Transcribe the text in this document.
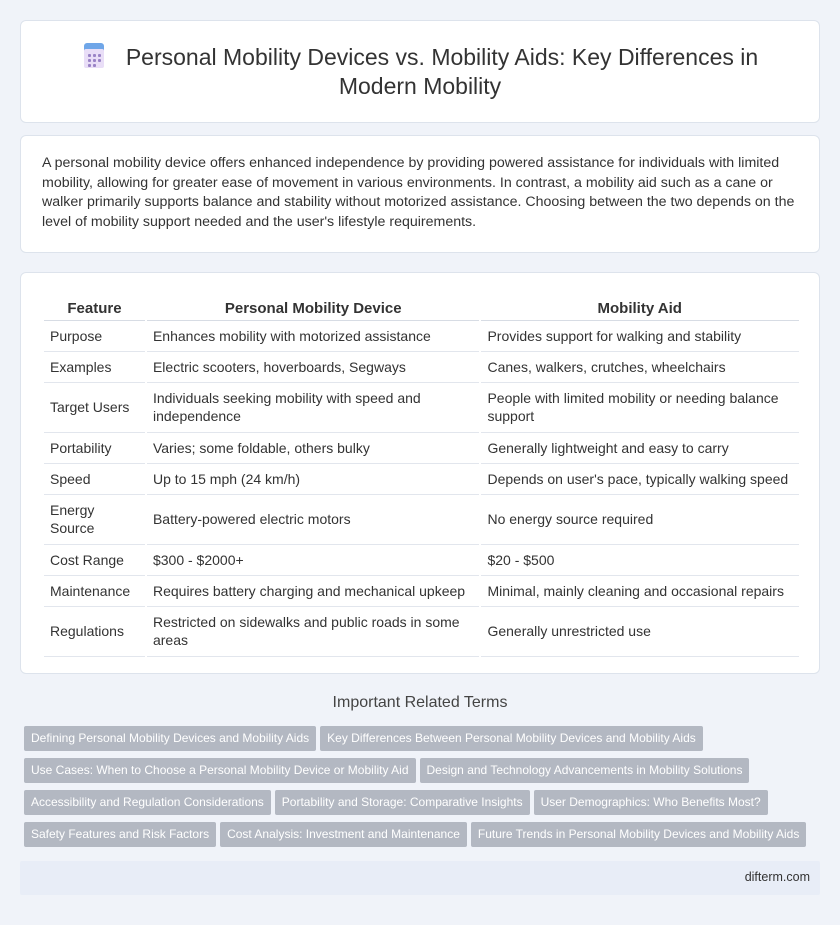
Personal Mobility Devices vs. Mobility Aids: Key Differences in Modern Mobility

A personal mobility device offers enhanced independence by providing powered assistance for individuals with limited mobility, allowing for greater ease of movement in various environments. In contrast, a mobility aid such as a cane or walker primarily supports balance and stability without motorized assistance. Choosing between the two depends on the level of mobility support needed and the user's lifestyle requirements.

Feature	Personal Mobility Device	Mobility Aid
Purpose	Enhances mobility with motorized assistance	Provides support for walking and stability
Examples	Electric scooters, hoverboards, Segways	Canes, walkers, crutches, wheelchairs
Target Users	Individuals seeking mobility with speed and independence	People with limited mobility or needing balance support
Portability	Varies; some foldable, others bulky	Generally lightweight and easy to carry
Speed	Up to 15 mph (24 km/h)	Depends on user's pace, typically walking speed
Energy Source	Battery-powered electric motors	No energy source required
Cost Range	$300 - $2000+	$20 - $500
Maintenance	Requires battery charging and mechanical upkeep	Minimal, mainly cleaning and occasional repairs
Regulations	Restricted on sidewalks and public roads in some areas	Generally unrestricted use
Important Related Terms
Defining Personal Mobility Devices and Mobility Aids Key Differences Between Personal Mobility Devices and Mobility Aids
Use Cases: When to Choose a Personal Mobility Device or Mobility Aid Design and Technology Advancements in Mobility Solutions
Accessibility and Regulation Considerations Portability and Storage: Comparative Insights User Demographics: Who Benefits Most?
Safety Features and Risk Factors Cost Analysis: Investment and Maintenance Future Trends in Personal Mobility Devices and Mobility Aids
difterm.com
